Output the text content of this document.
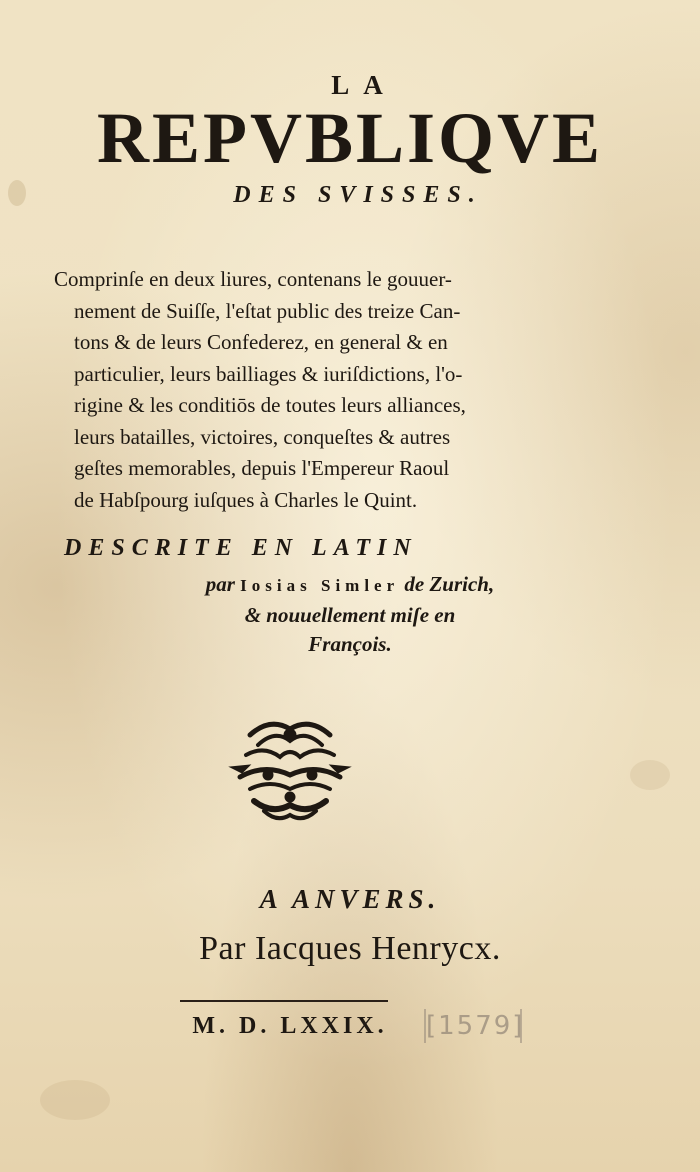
LA
REPVBLIQVE
DES SVISSES.
Comprinſe en deux liures, contenans le gouuer-
nement de Suiſſe, l'eſtat public des treize Can-
tons & de leurs Confederez, en general & en
particulier, leurs bailliages & iuriſdictions, l'o-
rigine & les conditiōs de toutes leurs alliances,
leurs batailles, victoires, conqueſtes & autres
geſtes memorables, depuis l'Empereur Raoul
de Habſpourg iuſques à Charles le Quint.
DESCRITE EN LATIN
par Iosias Simler de Zurich,
& nouuellement miſe en
François.
A ANVERS.
Par Iacques Henrycx.
M. D. LXXIX.	[1579]
